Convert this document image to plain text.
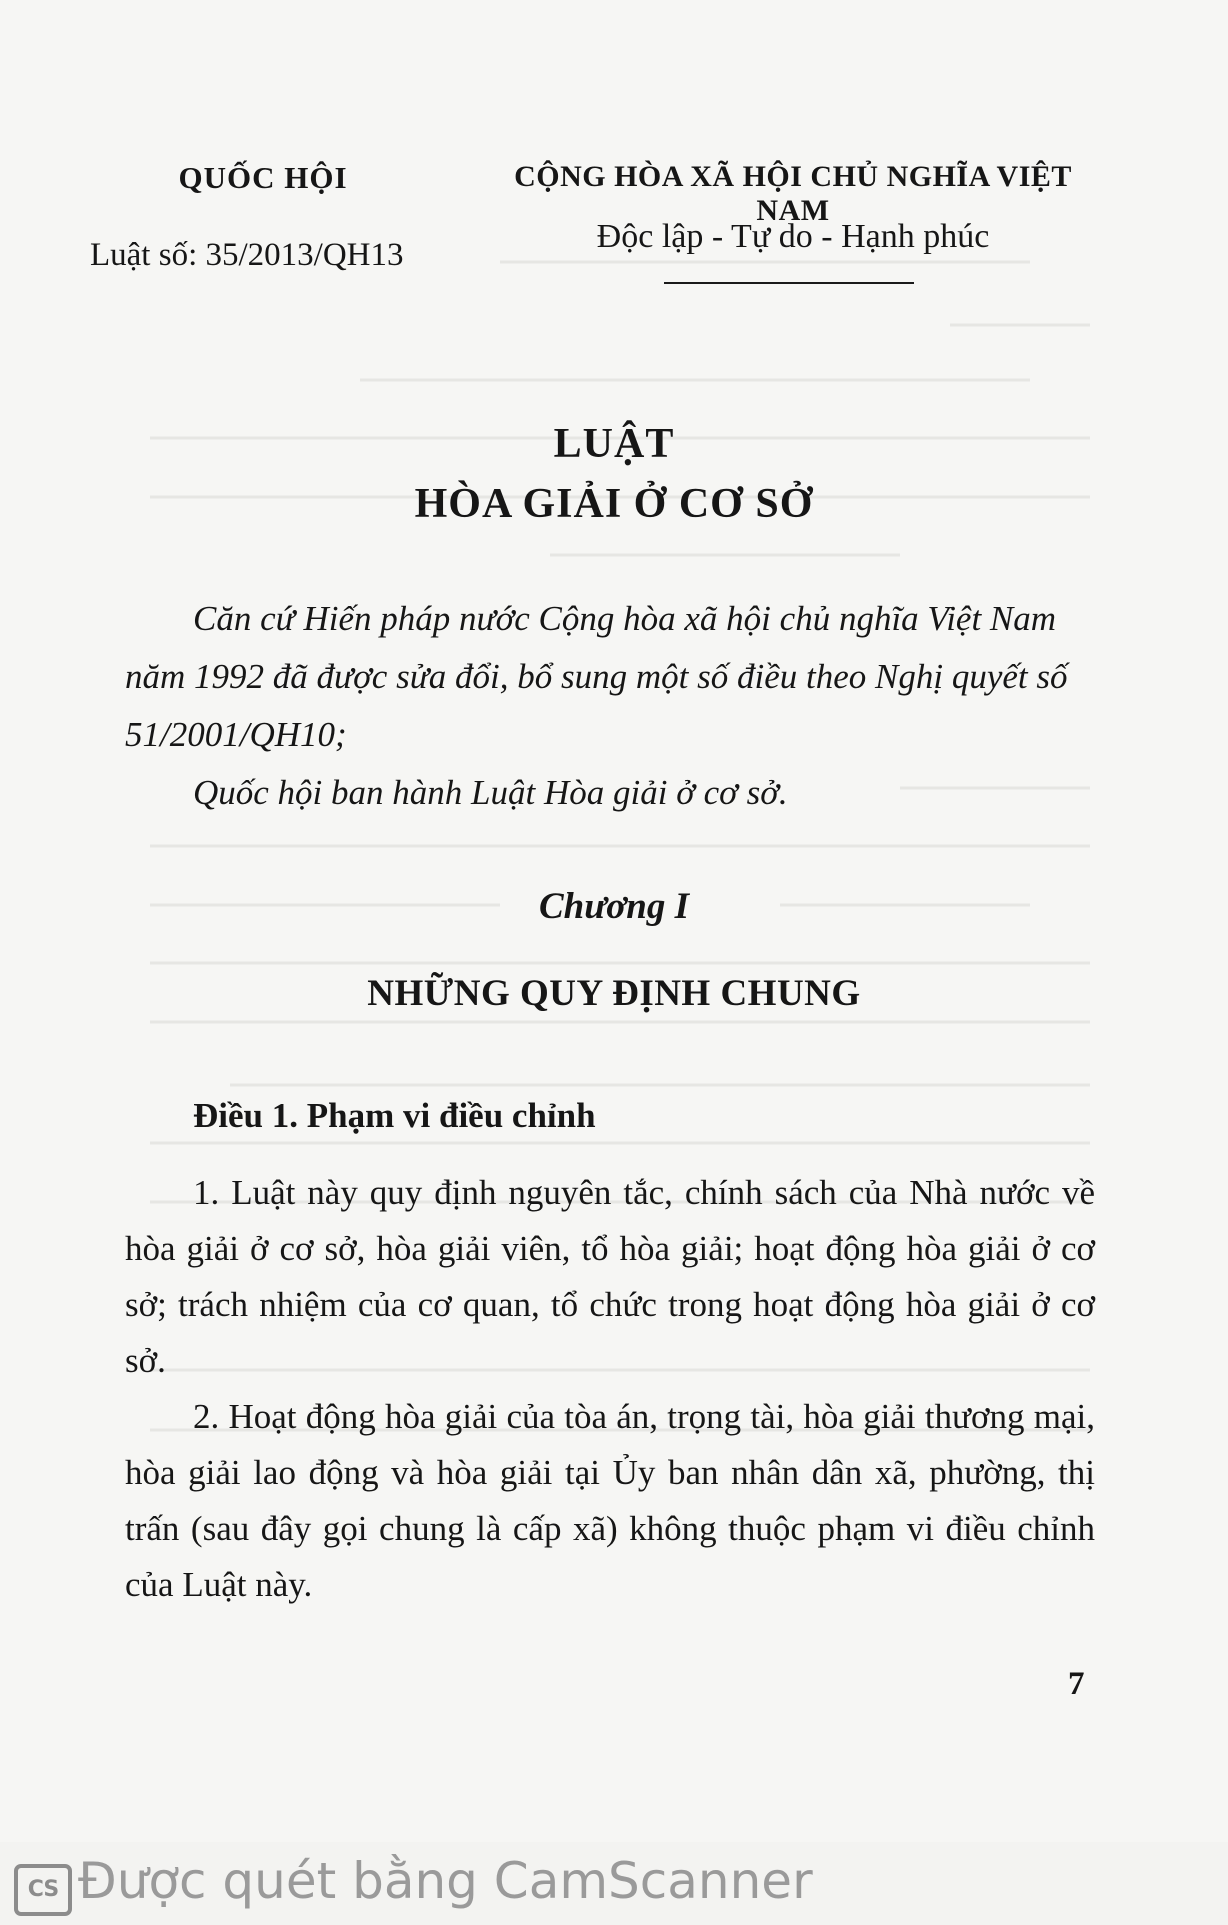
QUỐC HỘI
Luật số: 35/2013/QH13
CỘNG HÒA XÃ HỘI CHỦ NGHĨA VIỆT NAM
Độc lập - Tự do - Hạnh phúc
LUẬT
HÒA GIẢI Ở CƠ SỞ

Căn cứ Hiến pháp nước Cộng hòa xã hội chủ nghĩa Việt Nam năm 1992 đã được sửa đổi, bổ sung một số điều theo Nghị quyết số 51/2001/QH10;

Quốc hội ban hành Luật Hòa giải ở cơ sở.

Chương I
NHỮNG QUY ĐỊNH CHUNG
Điều 1. Phạm vi điều chỉnh

1. Luật này quy định nguyên tắc, chính sách của Nhà nước về hòa giải ở cơ sở, hòa giải viên, tổ hòa giải; hoạt động hòa giải ở cơ sở; trách nhiệm của cơ quan, tổ chức trong hoạt động hòa giải ở cơ sở.

2. Hoạt động hòa giải của tòa án, trọng tài, hòa giải thương mại, hòa giải lao động và hòa giải tại Ủy ban nhân dân xã, phường, thị trấn (sau đây gọi chung là cấp xã) không thuộc phạm vi điều chỉnh của Luật này.

7
CS Được quét bằng CamScanner
